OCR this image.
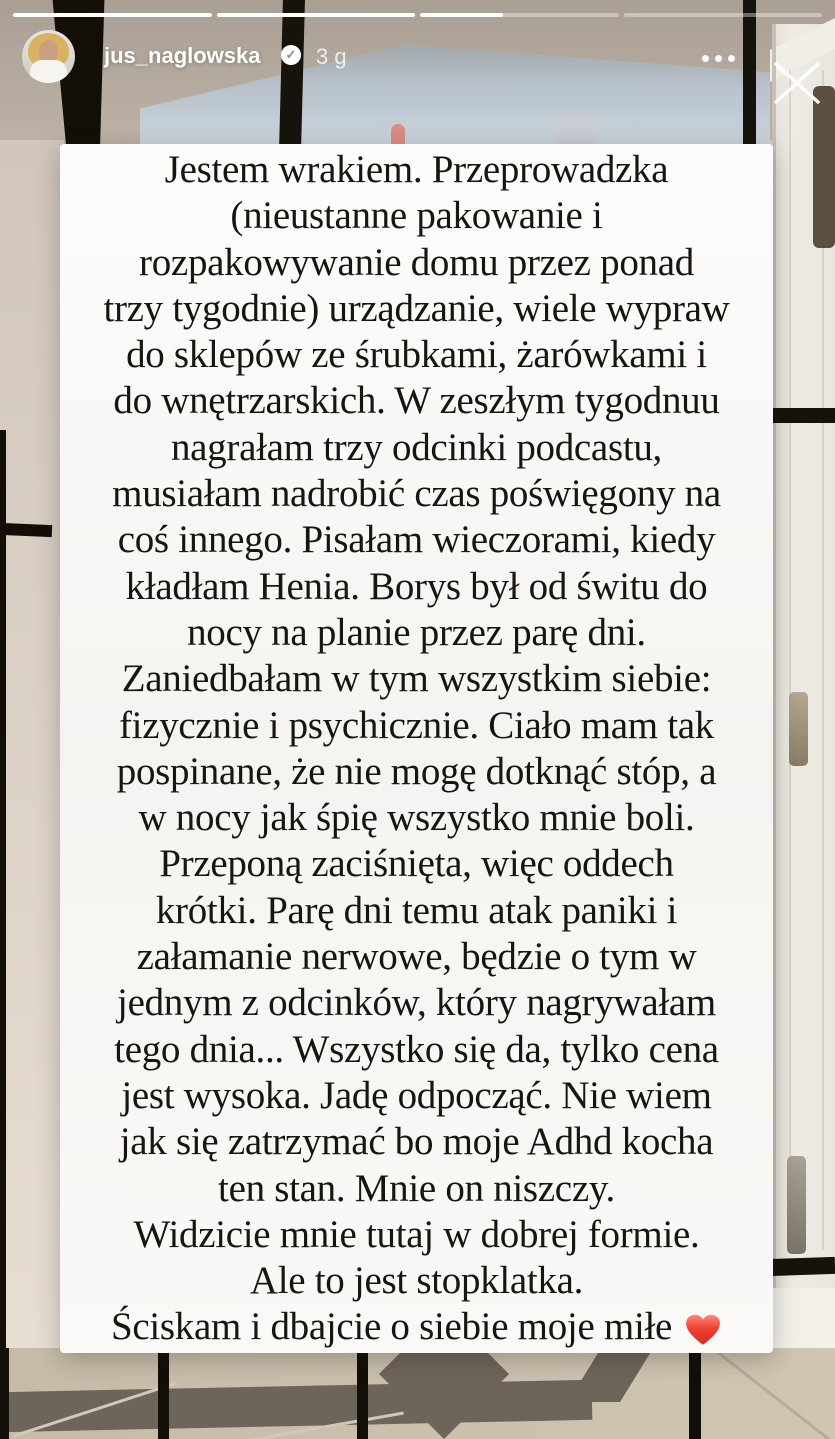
Jestem wrakiem. Przeprowadzka
(nieustanne pakowanie i
rozpakowywanie domu przez ponad
trzy tygodnie) urządzanie, wiele wypraw
do sklepów ze śrubkami, żarówkami i
do wnętrzarskich. W zeszłym tygodnuu
nagrałam trzy odcinki podcastu,
musiałam nadrobić czas poświęgony na
coś innego. Pisałam wieczorami, kiedy
kładłam Henia. Borys był od świtu do
nocy na planie przez parę dni.
Zaniedbałam w tym wszystkim siebie:
fizycznie i psychicznie. Ciało mam tak
pospinane, że nie mogę dotknąć stóp, a
w nocy jak śpię wszystko mnie boli.
Przeponą zaciśnięta, więc oddech
krótki. Parę dni temu atak paniki i
załamanie nerwowe, będzie o tym w
jednym z odcinków, który nagrywałam
tego dnia... Wszystko się da, tylko cena
jest wysoka. Jadę odpocząć. Nie wiem
jak się zatrzymać bo moje Adhd kocha
ten stan. Mnie on niszczy.
Widzicie mnie tutaj w dobrej formie.
Ale to jest stopklatka.
Ściskam i dbajcie o siebie moje miłe
jus_naglowska	✓ 3 g
